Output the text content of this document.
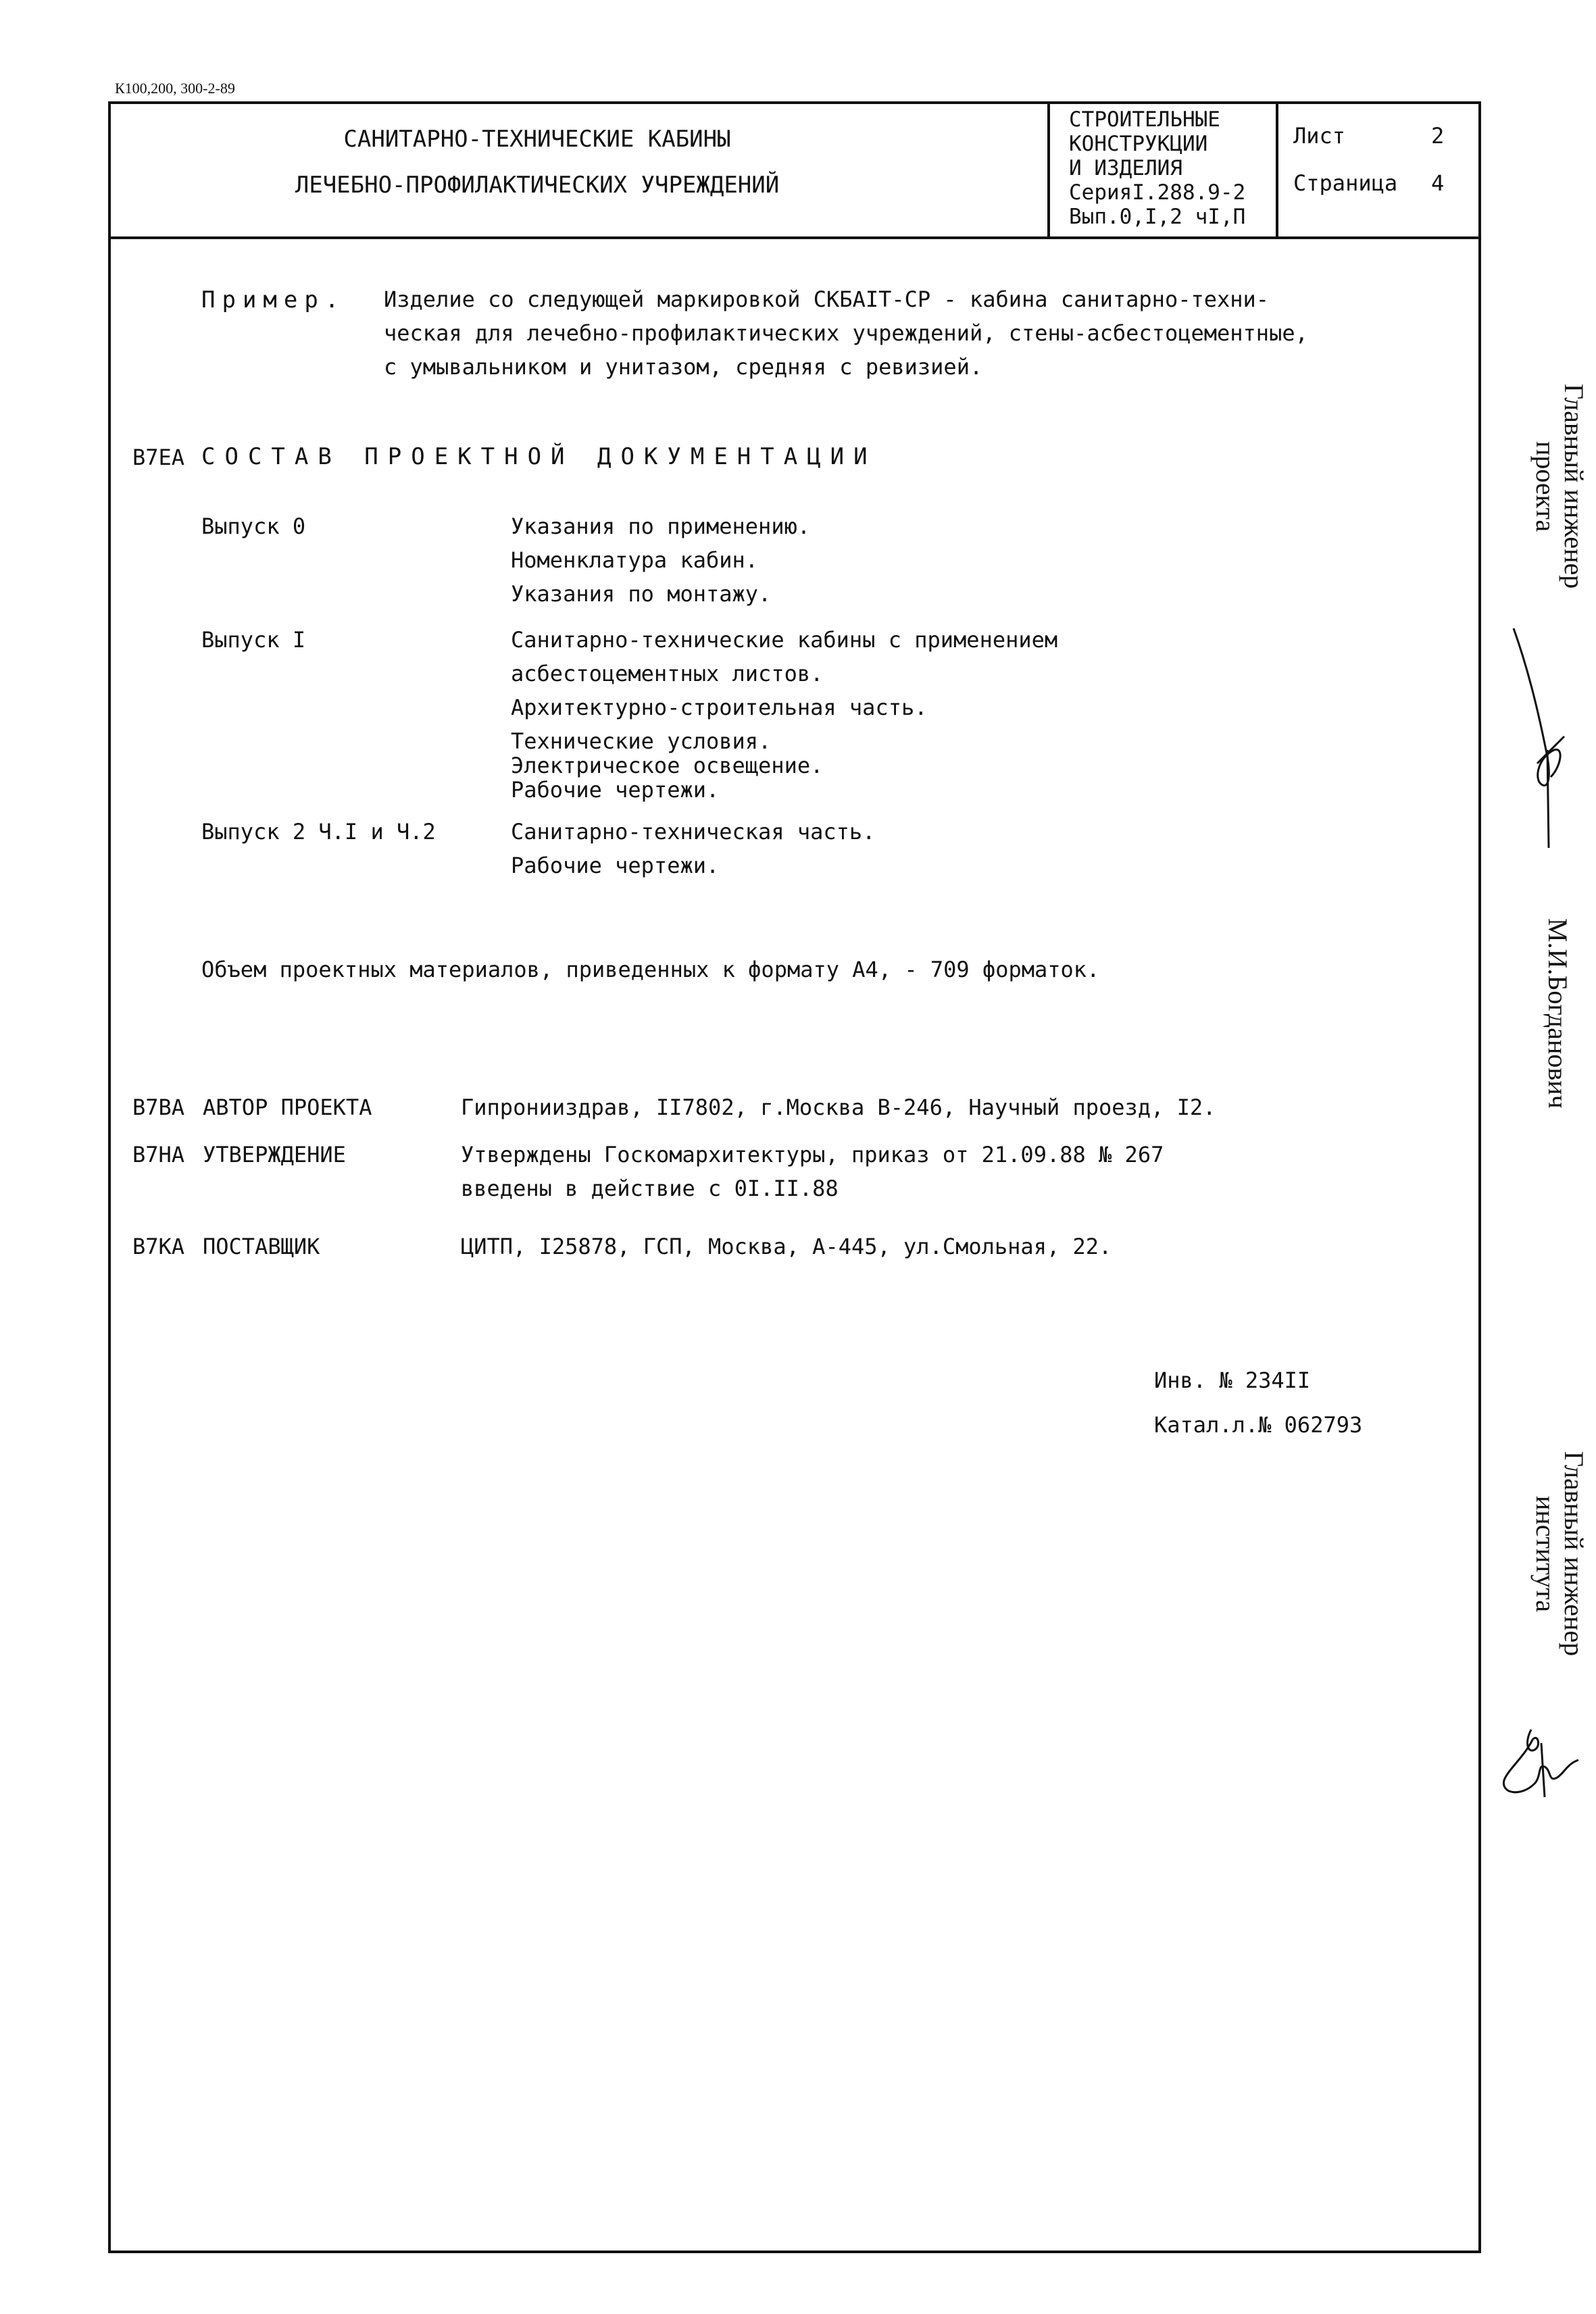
К100,200, 300-2-89
САНИТАРНО-ТЕХНИЧЕСКИЕ КАБИНЫ
ЛЕЧЕБНО-ПРОФИЛАКТИЧЕСКИХ УЧРЕЖДЕНИЙ
СТРОИТЕЛЬНЫЕ
КОНСТРУКЦИИ
И ИЗДЕЛИЯ
СерияI.288.9-2
Вып.0,I,2 чI,П
Лист	2
Страница 4
Пример. Изделие со следующей маркировкой СКБАIТ-СР - кабина санитарно-техни-
ческая для лечебно-профилактических учреждений, стены-асбестоцементные,
с умывальником и унитазом, средняя с ревизией.
В7ЕА СОСТАВ ПРОЕКТНОЙ ДОКУМЕНТАЦИИ
Выпуск 0	Указания по применению.
Номенклатура кабин.
Указания по монтажу.
Выпуск I	Санитарно-технические кабины с применением
асбестоцементных листов.
Архитектурно-строительная часть.
Технические условия.
Электрическое освещение.
Рабочие чертежи.
Выпуск 2 Ч.I и Ч.2	Санитарно-техническая часть.
Рабочие чертежи.
Объем проектных материалов, приведенных к формату А4, - 709 форматок.
В7ВА АВТОР ПРОЕКТА	Гипронииздрав, II7802, г.Москва В-246, Научный проезд, I2.
В7НА УТВЕРЖДЕНИЕ	Утверждены Госкомархитектуры, приказ от 21.09.88 № 267
введены в действие с 0I.II.88
В7КА ПОСТАВЩИК	ЦИТП, I25878, ГСП, Москва, А-445, ул.Смольная, 22.
Инв. № 234II
Катал.л.№ 062793
Главный инженер
проекта
М.И.Богданович
Главный инженер
института
